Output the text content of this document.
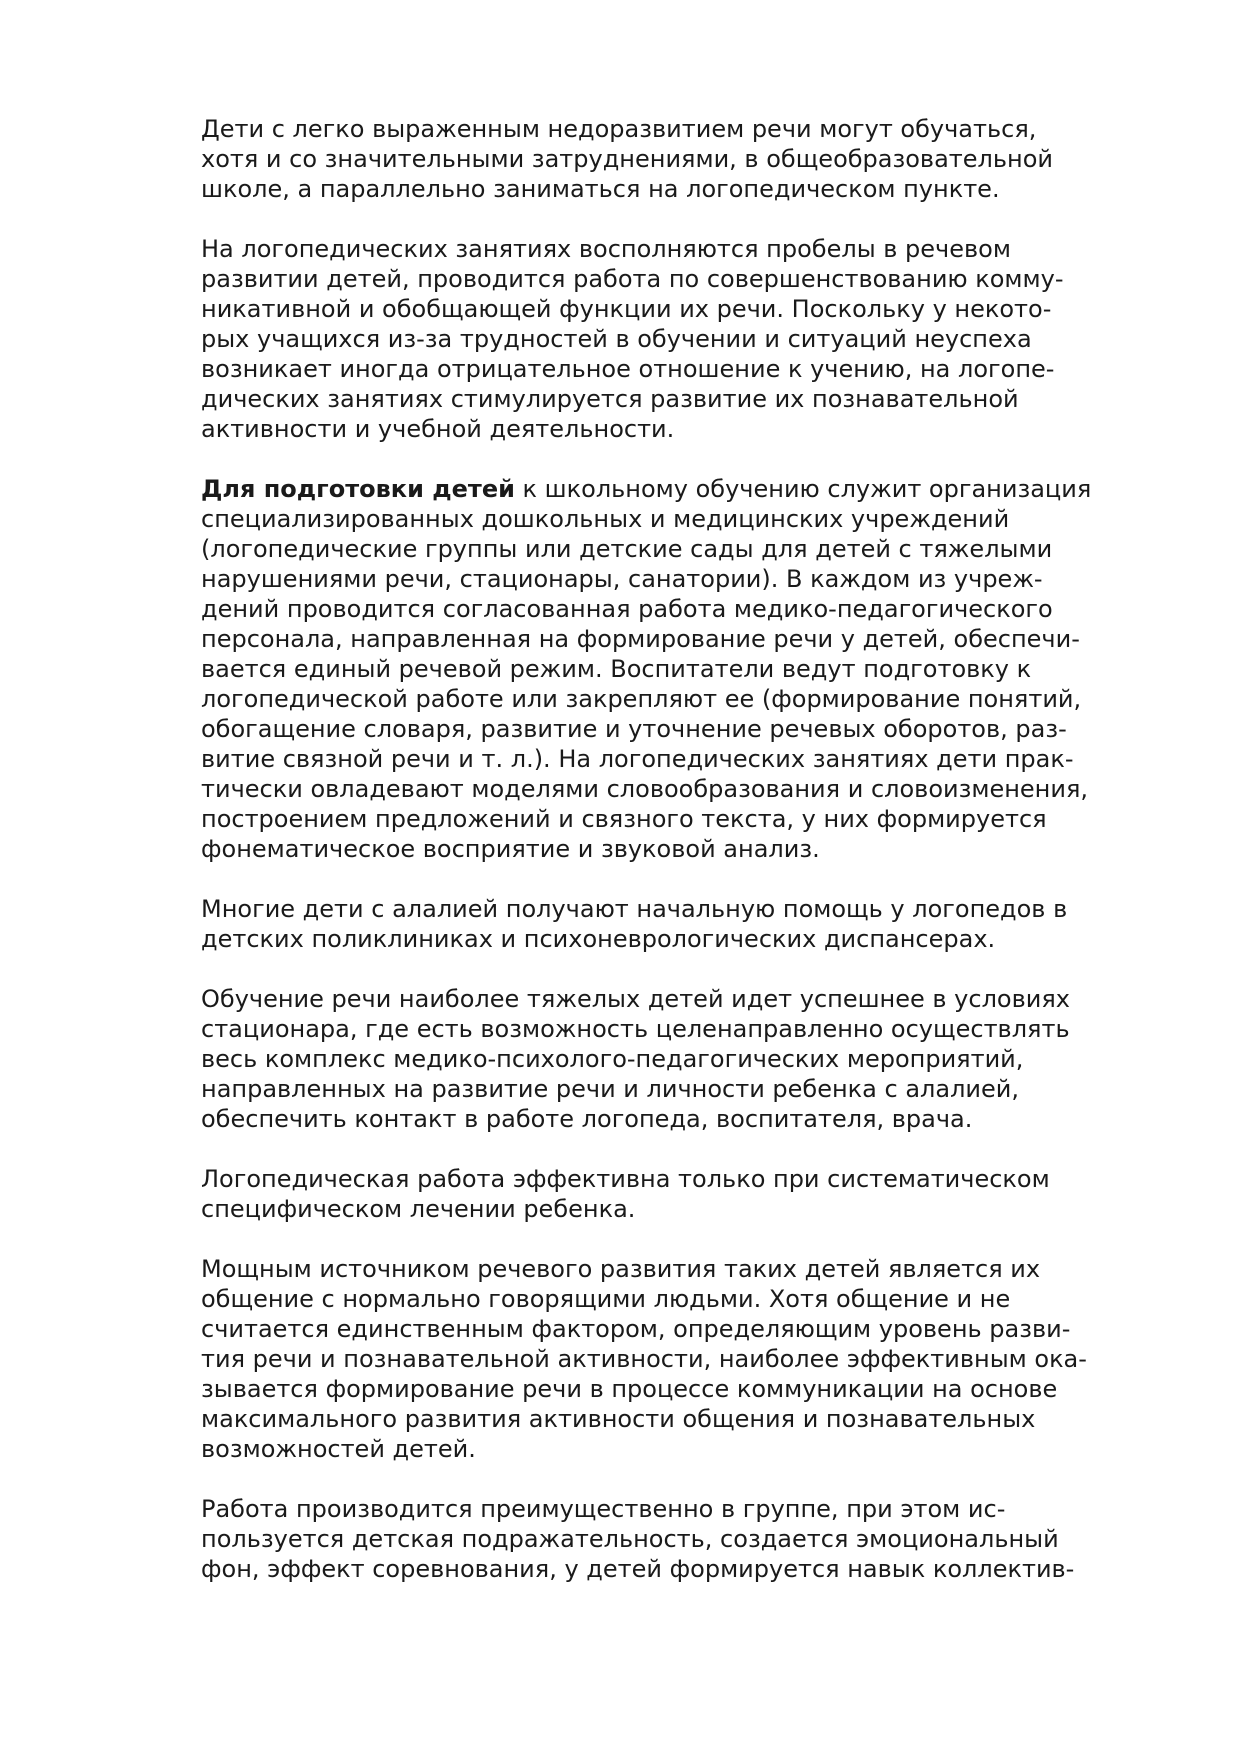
Дети с легко выраженным недоразвитием речи могут обучаться,
хотя и со значительными затруднениями, в общеобразовательной
школе, а параллельно заниматься на логопедическом пункте.

На логопедических занятиях восполняются пробелы в речевом
развитии детей, проводится работа по совершенствованию комму-
никативной и обобщающей функции их речи. Поскольку у некото-
рых учащихся из-за трудностей в обучении и ситуаций неуспеха
возникает иногда отрицательное отношение к учению, на логопе-
дических занятиях стимулируется развитие их познавательной
активности и учебной деятельности.

Для подготовки детей к школьному обучению служит организация
специализированных дошкольных и медицинских учреждений
(логопедические группы или детские сады для детей с тяжелыми
нарушениями речи, стационары, санатории). В каждом из учреж-
дений проводится согласованная работа медико-педагогического
персонала, направленная на формирование речи у детей, обеспечи-
вается единый речевой режим. Воспитатели ведут подготовку к
логопедической работе или закрепляют ее (формирование понятий,
обогащение словаря, развитие и уточнение речевых оборотов, раз-
витие связной речи и т. л.). На логопедических занятиях дети прак-
тически овладевают моделями словообразования и словоизменения,
построением предложений и связного текста, у них формируется
фонематическое восприятие и звуковой анализ.

Многие дети с алалией получают начальную помощь у логопедов в
детских поликлиниках и психоневрологических диспансерах.

Обучение речи наиболее тяжелых детей идет успешнее в условиях
стационара, где есть возможность целенаправленно осуществлять
весь комплекс медико-психолого-педагогических мероприятий,
направленных на развитие речи и личности ребенка с алалией,
обеспечить контакт в работе логопеда, воспитателя, врача.

Логопедическая работа эффективна только при систематическом
специфическом лечении ребенка.

Мощным источником речевого развития таких детей является их
общение с нормально говорящими людьми. Хотя общение и не
считается единственным фактором, определяющим уровень разви-
тия речи и познавательной активности, наиболее эффективным ока-
зывается формирование речи в процессе коммуникации на основе
максимального развития активности общения и познавательных
возможностей детей.

Работа производится преимущественно в группе, при этом ис-
пользуется детская подражательность, создается эмоциональный
фон, эффект соревнования, у детей формируется навык коллектив-
